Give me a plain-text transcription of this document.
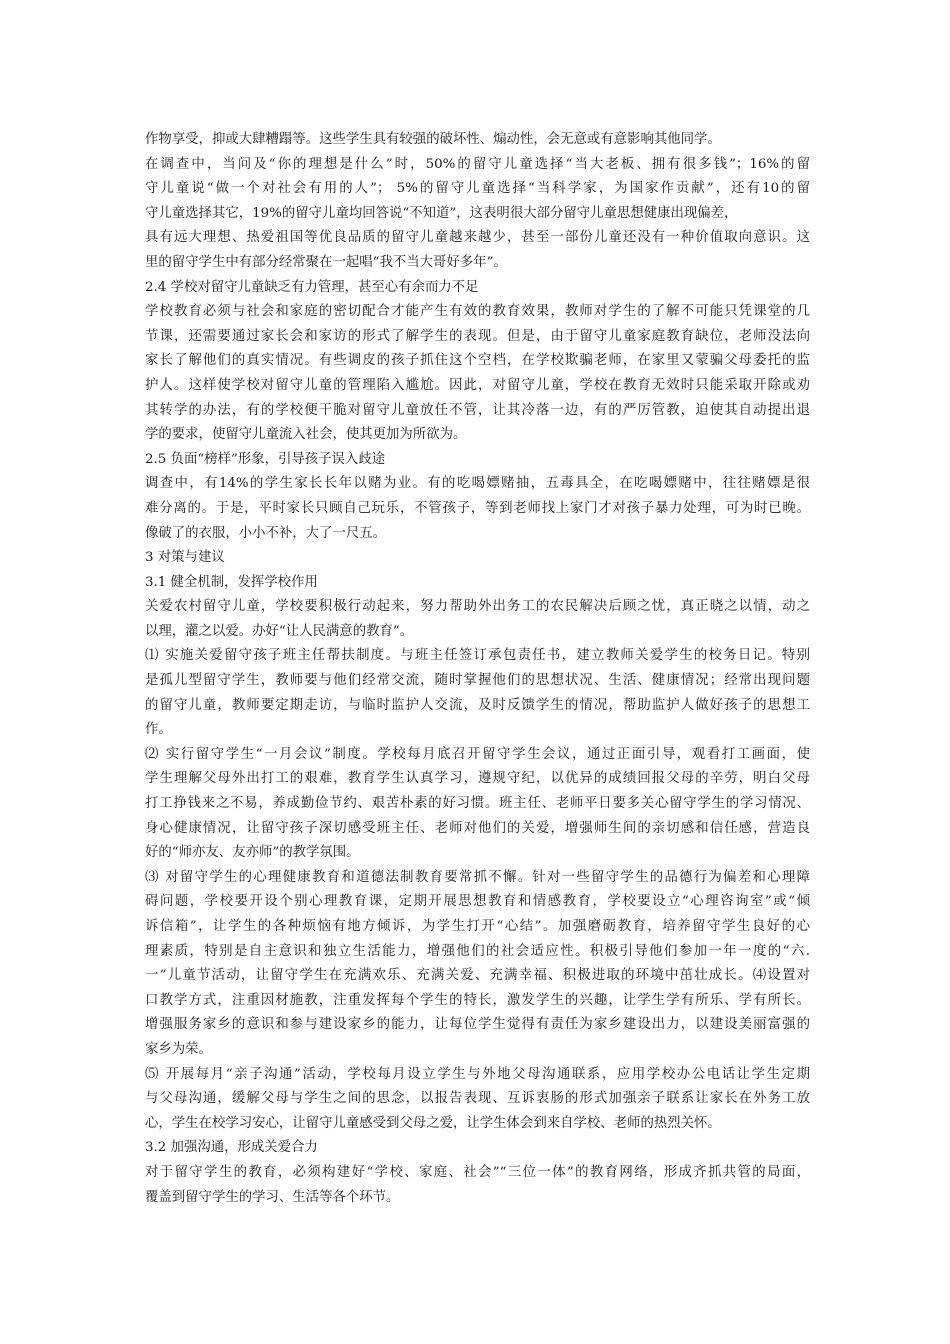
作物享受，抑或大肆糟蹋等。这些学生具有较强的破坏性、煽动性，会无意或有意影响其他同学。
在调查中，当问及“你的理想是什么”时，50%的留守儿童选择“当大老板、拥有很多钱”；16%的留
守儿童说“做一个对社会有用的人”； 5%的留守儿童选择“当科学家，为国家作贡献”，还有10的留
守儿童选择其它，19%的留守儿童均回答说“不知道”，这表明很大部分留守儿童思想健康出现偏差，
具有远大理想、热爱祖国等优良品质的留守儿童越来越少，甚至一部份儿童还没有一种价值取向意识。这
里的留守学生中有部分经常聚在一起唱“我不当大哥好多年”。
2.4 学校对留守儿童缺乏有力管理，甚至心有余而力不足
学校教育必须与社会和家庭的密切配合才能产生有效的教育效果，教师对学生的了解不可能只凭课堂的几
节课，还需要通过家长会和家访的形式了解学生的表现。但是，由于留守儿童家庭教育缺位，老师没法向
家长了解他们的真实情况。有些调皮的孩子抓住这个空档，在学校欺骗老师，在家里又蒙骗父母委托的监
护人。这样使学校对留守儿童的管理陷入尴尬。因此，对留守儿童，学校在教育无效时只能采取开除或劝
其转学的办法，有的学校便干脆对留守儿童放任不管，让其冷落一边，有的严厉管教，迫使其自动提出退
学的要求，使留守儿童流入社会，使其更加为所欲为。
2.5 负面“榜样”形象，引导孩子误入歧途
调查中，有14%的学生家长长年以赌为业。有的吃喝嫖赌抽，五毒具全，在吃喝嫖赌中，往往赌嫖是很
难分离的。于是，平时家长只顾自己玩乐，不管孩子，等到老师找上家门才对孩子暴力处理，可为时已晚。
像破了的衣服，小小不补，大了一尺五。
3 对策与建议
3.1 健全机制，发挥学校作用
关爱农村留守儿童，学校要积极行动起来，努力帮助外出务工的农民解决后顾之忧，真正晓之以情，动之
以理，灌之以爱。办好“让人民满意的教育”。
⑴ 实施关爱留守孩子班主任帮扶制度。与班主任签订承包责任书，建立教师关爱学生的校务日记。特别
是孤儿型留守学生，教师要与他们经常交流，随时掌握他们的思想状况、生活、健康情况；经常出现问题
的留守儿童，教师要定期走访，与临时监护人交流，及时反馈学生的情况，帮助监护人做好孩子的思想工
作。
⑵ 实行留守学生“一月会议”制度。学校每月底召开留守学生会议，通过正面引导，观看打工画面，使
学生理解父母外出打工的艰难，教育学生认真学习，遵规守纪，以优异的成绩回报父母的辛劳，明白父母
打工挣钱来之不易，养成勤俭节约、艰苦朴素的好习惯。班主任、老师平日要多关心留守学生的学习情况、
身心健康情况，让留守孩子深切感受班主任、老师对他们的关爱，增强师生间的亲切感和信任感，营造良
好的“师亦友、友亦师”的教学氛围。
⑶ 对留守学生的心理健康教育和道德法制教育要常抓不懈。针对一些留守学生的品德行为偏差和心理障
碍问题，学校要开设个别心理教育课，定期开展思想教育和情感教育，学校要设立“心理咨询室”或“倾
诉信箱”，让学生的各种烦恼有地方倾诉，为学生打开“心结”。加强磨砺教育，培养留守学生良好的心
理素质，特别是自主意识和独立生活能力，增强他们的社会适应性。积极引导他们参加一年一度的“六.
一”儿童节活动，让留守学生在充满欢乐、充满关爱、充满幸福、积极进取的环境中茁壮成长。⑷设置对
口教学方式，注重因材施教，注重发挥每个学生的特长，激发学生的兴趣，让学生学有所乐、学有所长。
增强服务家乡的意识和参与建设家乡的能力，让每位学生觉得有责任为家乡建设出力，以建设美丽富强的
家乡为荣。
⑸ 开展每月“亲子沟通”活动，学校每月设立学生与外地父母沟通联系，应用学校办公电话让学生定期
与父母沟通，缓解父母与学生之间的思念，以报告表现、互诉衷肠的形式加强亲子联系让家长在外务工放
心，学生在校学习安心，让留守儿童感受到父母之爱，让学生体会到来自学校、老师的热烈关怀。
3.2 加强沟通，形成关爱合力
对于留守学生的教育，必须构建好“学校、家庭、社会”“三位一体”的教育网络，形成齐抓共管的局面，
覆盖到留守学生的学习、生活等各个环节。
